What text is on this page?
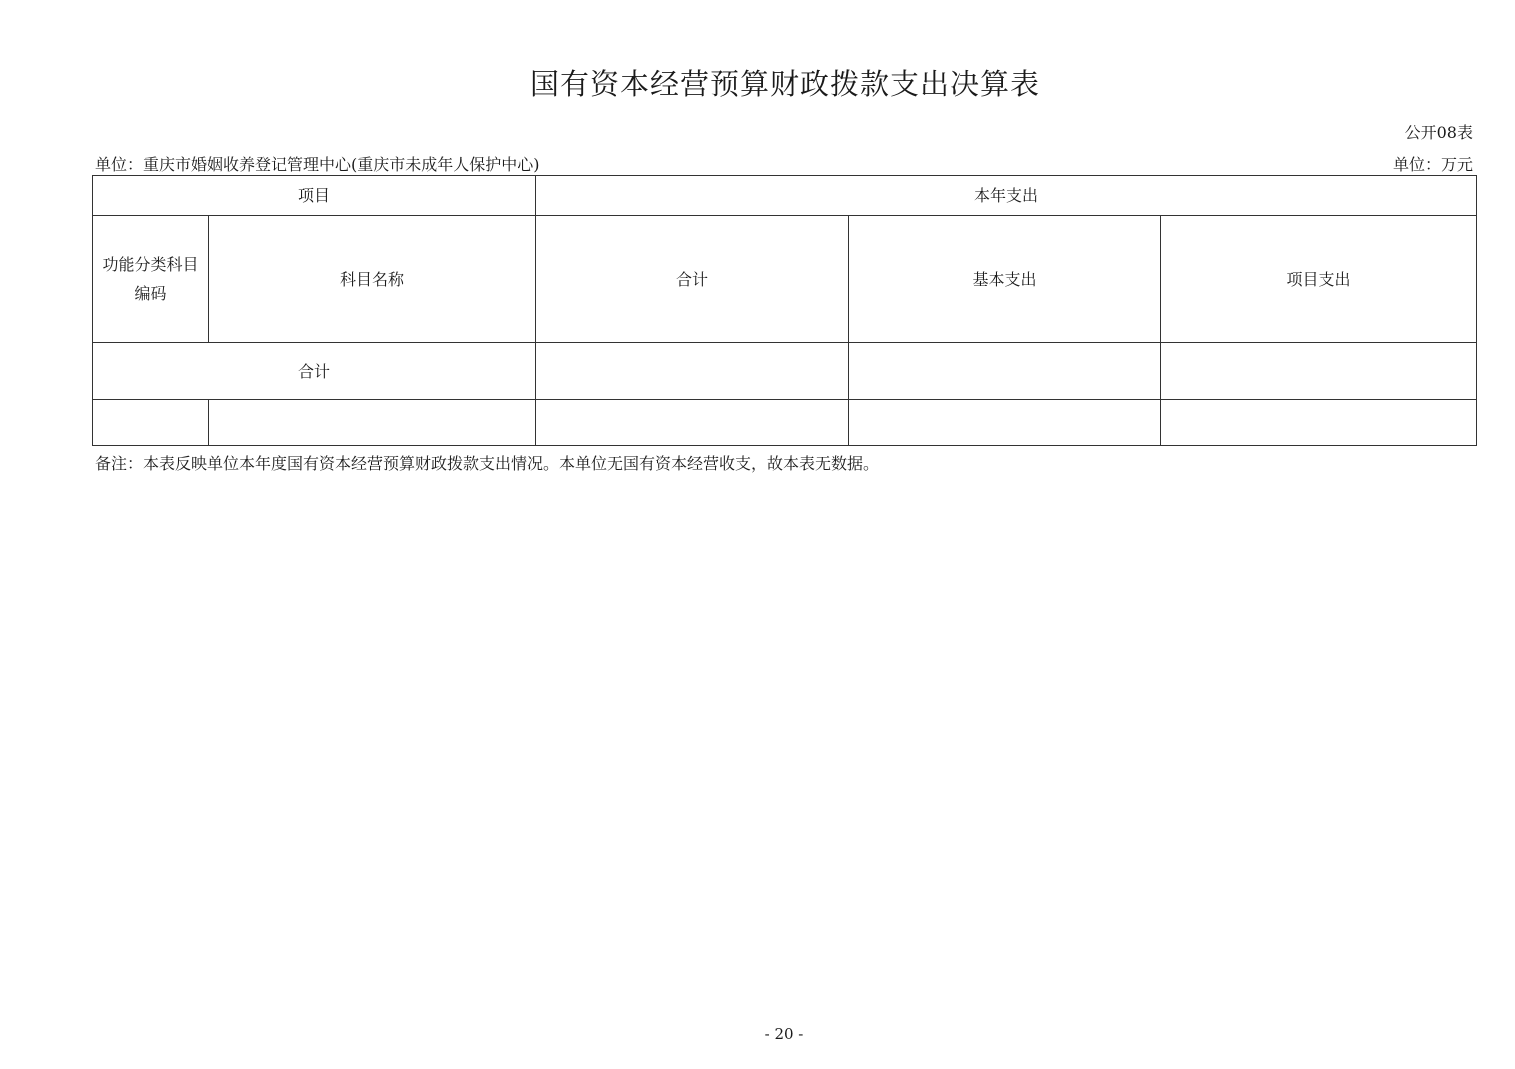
国有资本经营预算财政拨款支出决算表
公开08表
单位：重庆市婚姻收养登记管理中心(重庆市未成年人保护中心)	单位：万元
项目		本年支出		
功能分类科目编码	科目名称	合计	基本支出	项目支出
合计				

备注：本表反映单位本年度国有资本经营预算财政拨款支出情况。本单位无国有资本经营收支，故本表无数据。
- 20 -
